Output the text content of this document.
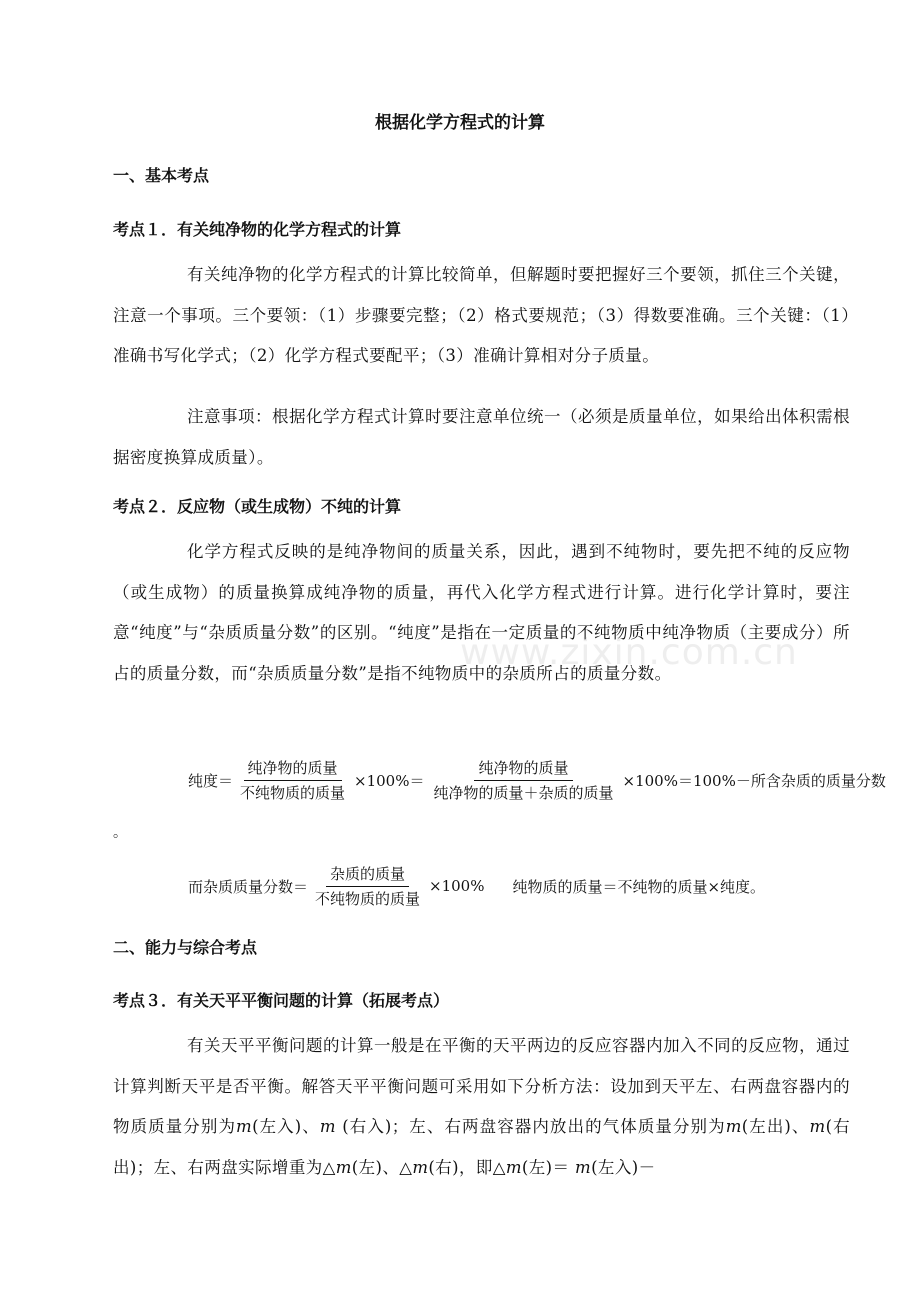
根据化学方程式的计算
一、基本考点
考点１．有关纯净物的化学方程式的计算

有关纯净物的化学方程式的计算比较简单，但解题时要把握好三个要领，抓住三个关键，注意一个事项。三个要领：（1）步骤要完整；（2）格式要规范；（3）得数要准确。三个关键：（1）准确书写化学式；（2）化学方程式要配平；（3）准确计算相对分子质量。

注意事项：根据化学方程式计算时要注意单位统一（必须是质量单位，如果给出体积需根据密度换算成质量）。

考点２．反应物（或生成物）不纯的计算

化学方程式反映的是纯净物间的质量关系，因此，遇到不纯物时，要先把不纯的反应物（或生成物）的质量换算成纯净物的质量，再代入化学方程式进行计算。进行化学计算时，要注意“纯度”与“杂质质量分数”的区别。“纯度”是指在一定质量的不纯物质中纯净物质（主要成分）所占的质量分数，而“杂质质量分数”是指不纯物质中的杂质所占的质量分数。

www.zixin.com.cn
纯度＝ $\frac{\text{纯净物的质量}}{\text{不纯物质的质量}} \times 100\%= \frac{\text{纯净物的质量}}{\text{纯净物的质量＋杂质的质量}} \times 100\%=100\%-$所含杂质的质量分数
。
而杂质质量分数＝ $\frac{\text{杂质的质量}}{\text{不纯物质的质量}} \times 100\%$ 纯物质的质量＝不纯物的质量×纯度。
二、能力与综合考点
考点３．有关天平平衡问题的计算（拓展考点）

有关天平平衡问题的计算一般是在平衡的天平两边的反应容器内加入不同的反应物，通过计算判断天平是否平衡。解答天平平衡问题可采用如下分析方法：设加到天平左、右两盘容器内的物质质量分别为m(左入)、m (右入)；左、右两盘容器内放出的气体质量分别为m(左出)、m(右出)；左、右两盘实际增重为△m(左)、△m(右)，即△m(左)＝ m(左入)－
